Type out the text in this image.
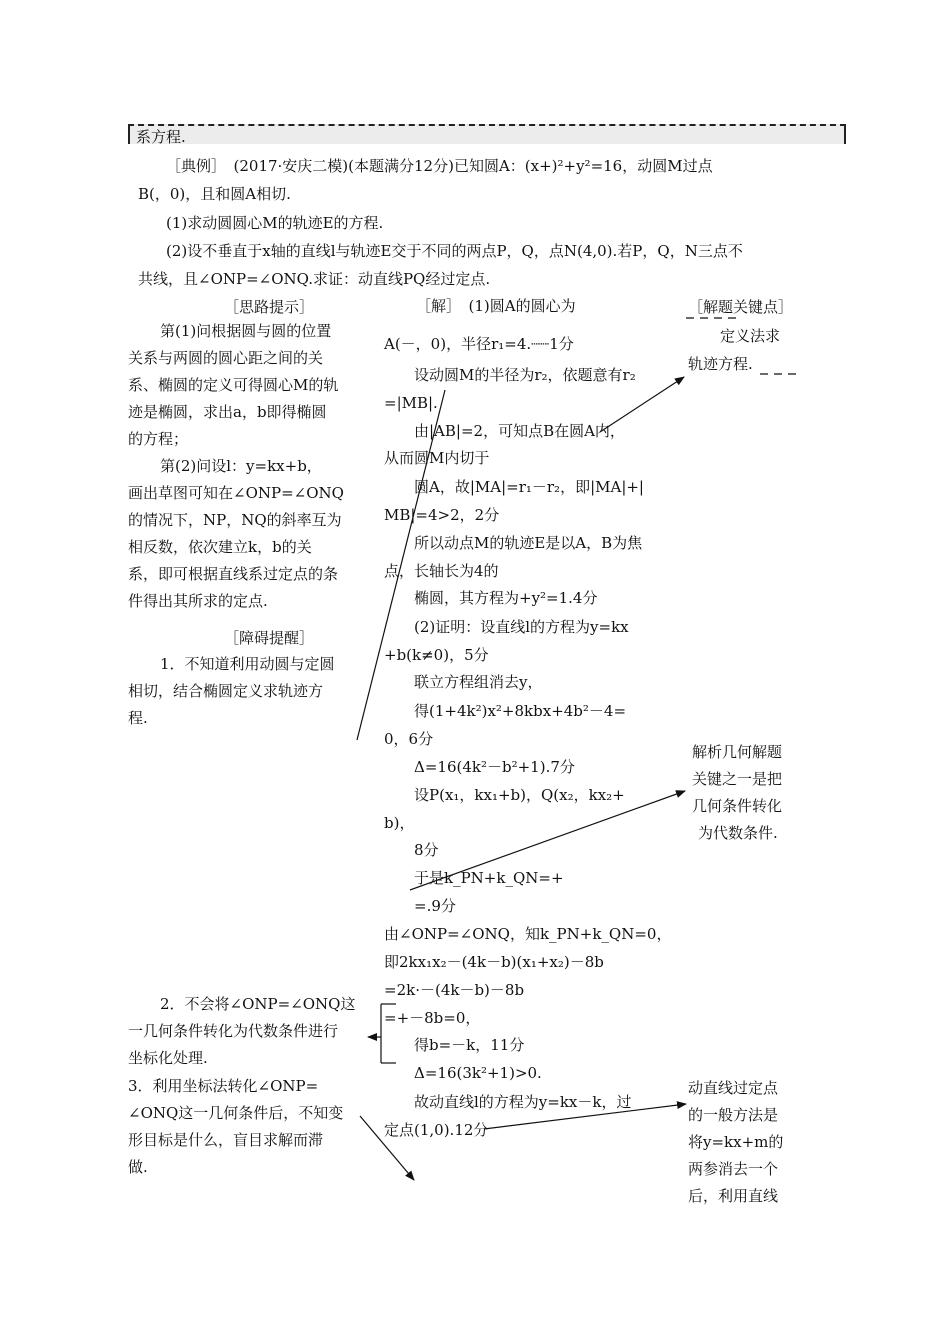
系方程.
［典例］　(2017·安庆二模)(本题满分12分)已知圆A：(x+)²+y²=16，动圆M过点
B(，0)，且和圆A相切.
(1)求动圆圆心M的轨迹E的方程.
(2)设不垂直于x轴的直线l与轨迹E交于不同的两点P，Q，点N(4,0).若P，Q，N三点不
共线，且∠ONP=∠ONQ.求证：动直线PQ经过定点.
［思路提示］
第(1)问根据圆与圆的位置
关系与两圆的圆心距之间的关
系、椭圆的定义可得圆心M的轨
迹是椭圆，求出a，b即得椭圆
的方程；
第(2)问设l：y=kx+b，
画出草图可知在∠ONP=∠ONQ
的情况下，NP，NQ的斜率互为
相反数，依次建立k，b的关
系，即可根据直线系过定点的条
件得出其所求的定点.
［障碍提醒］
1．不知道利用动圆与定圆
相切，结合椭圆定义求轨迹方
程.
2．不会将∠ONP=∠ONQ这
一几何条件转化为代数条件进行
坐标化处理.
3．利用坐标法转化∠ONP=
∠ONQ这一几何条件后，不知变
形目标是什么，盲目求解而滞
做.
［解］　(1)圆A的圆心为
A(－，0)，半径r₁=4.┈┈1分
设动圆M的半径为r₂，依题意有r₂
=|MB|.
由|AB|=2，可知点B在圆A内，
从而圆M内切于
圆A，故|MA|=r₁－r₂，即|MA|+|
MB|=4>2，2分
所以动点M的轨迹E是以A，B为焦
点，长轴长为4的
椭圆，其方程为+y²=1.4分
(2)证明：设直线l的方程为y=kx
+b(k≠0)，5分
联立方程组消去y，
得(1+4k²)x²+8kbx+4b²－4=
0，6分
Δ=16(4k²－b²+1).7分
设P(x₁，kx₁+b)，Q(x₂，kx₂+
b)，
8分
于是k_PN+k_QN=+
=.9分
由∠ONP=∠ONQ，知k_PN+k_QN=0，
即2kx₁x₂－(4k－b)(x₁+x₂)－8b
=2k·－(4k－b)－8b
=+－8b=0，
得b=－k，11分
Δ=16(3k²+1)>0.
故动直线l的方程为y=kx－k，过
定点(1,0).12分
［解题关键点］
定义法求
轨迹方程.
解析几何解题
关键之一是把
几何条件转化
为代数条件.
动直线过定点
的一般方法是
将y=kx+m的
两参消去一个
后，利用直线
